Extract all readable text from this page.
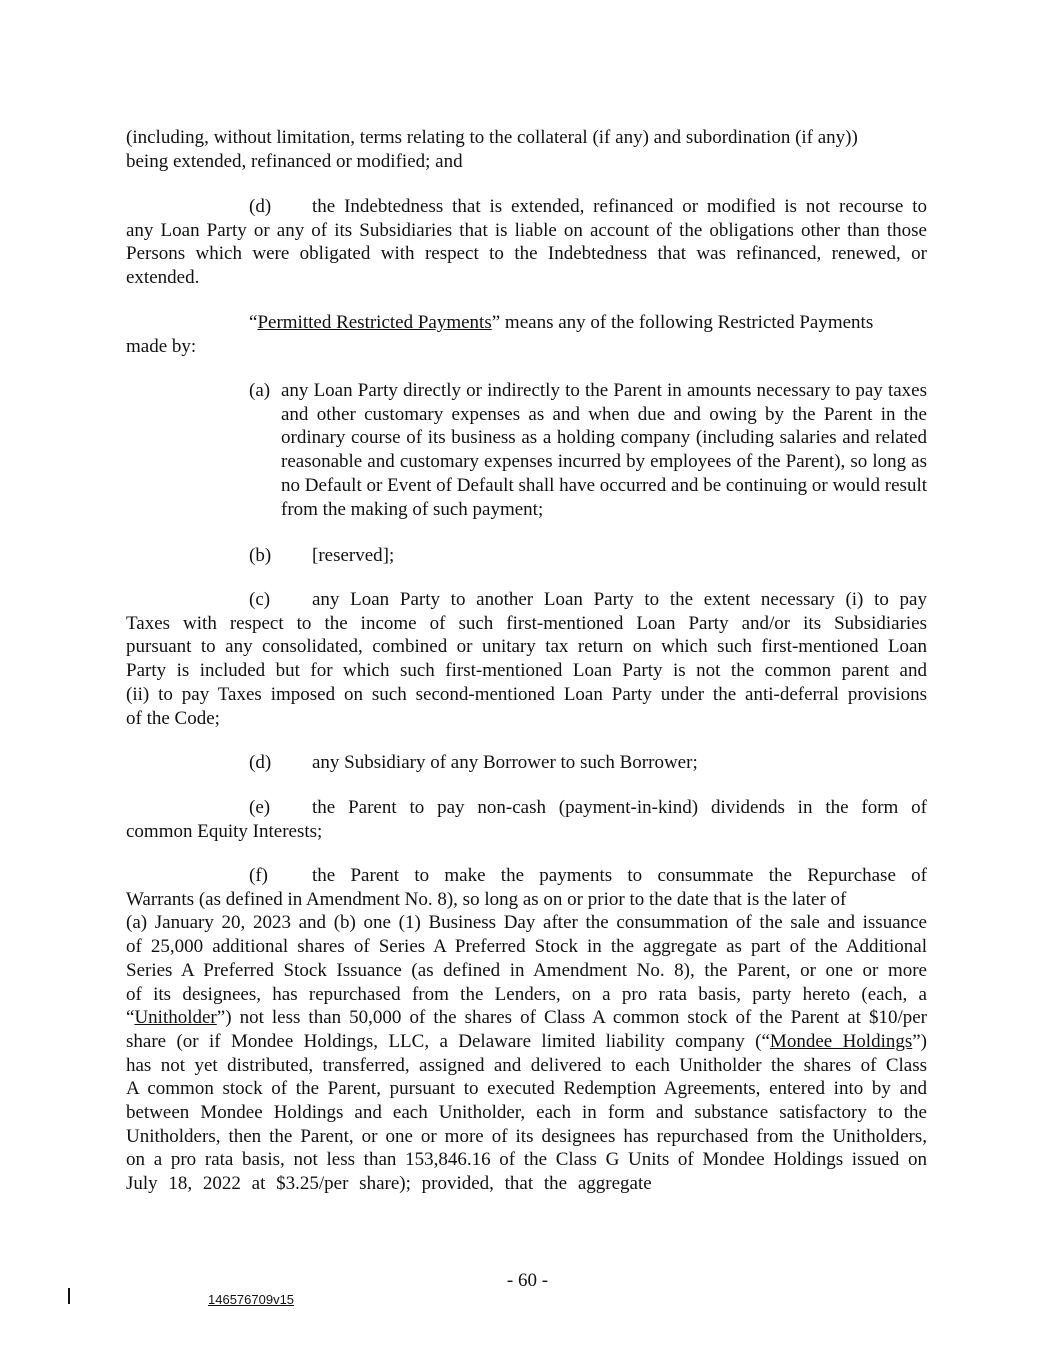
(including, without limitation, terms relating to the collateral (if any) and subordination (if any))
being extended, refinanced or modified; and
(d) the Indebtedness that is extended, refinanced or modified is not recourse to
any Loan Party or any of its Subsidiaries that is liable on account of the obligations other than those Persons which were obligated with respect to the Indebtedness that was refinanced, renewed, or extended.
“Permitted Restricted Payments” means any of the following Restricted Payments
made by:
(a) any Loan Party directly or indirectly to the Parent in amounts necessary to pay taxes and other customary expenses as and when due and owing by the Parent in the ordinary course of its business as a holding company (including salaries and related reasonable and customary expenses incurred by employees of the Parent), so long as no Default or Event of Default shall have occurred and be continuing or would result from the making of such payment;
(b) [reserved];
(c) any Loan Party to another Loan Party to the extent necessary (i) to pay
Taxes with respect to the income of such first-mentioned Loan Party and/or its Subsidiaries
pursuant to any consolidated, combined or unitary tax return on which such first-mentioned Loan
Party is included but for which such first-mentioned Loan Party is not the common parent and
(ii) to pay Taxes imposed on such second-mentioned Loan Party under the anti-deferral provisions
of the Code;
(d) any Subsidiary of any Borrower to such Borrower;
(e) the Parent to pay non-cash (payment-in-kind) dividends in the form of
common Equity Interests;
(f) the Parent to make the payments to consummate the Repurchase of
Warrants (as defined in Amendment No. 8), so long as on or prior to the date that is the later of
(a) January 20, 2023 and (b) one (1) Business Day after the consummation of the sale and issuance
of 25,000 additional shares of Series A Preferred Stock in the aggregate as part of the Additional
Series A Preferred Stock Issuance (as defined in Amendment No. 8), the Parent, or one or more
of its designees, has repurchased from the Lenders, on a pro rata basis, party hereto (each, a
“Unitholder”) not less than 50,000 of the shares of Class A common stock of the Parent at $10/per
share (or if Mondee Holdings, LLC, a Delaware limited liability company (“Mondee Holdings”)
has not yet distributed, transferred, assigned and delivered to each Unitholder the shares of Class
A common stock of the Parent, pursuant to executed Redemption Agreements, entered into by and
between Mondee Holdings and each Unitholder, each in form and substance satisfactory to the
Unitholders, then the Parent, or one or more of its designees has repurchased from the Unitholders,
on a pro rata basis, not less than 153,846.16 of the Class G Units of Mondee Holdings issued on
July 18, 2022 at $3.25/per share); provided, that the aggregate
- 60 -
146576709v15
